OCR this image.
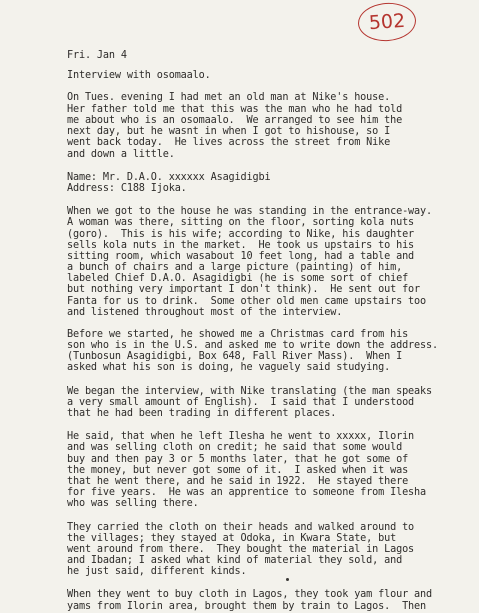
502
Fri. Jan 4
Interview with osomaalo.
On Tues. evening I had met an old man at Nike's house.
Her father told me that this was the man who he had told
me about who is an osomaalo.  We arranged to see him the
next day, but he wasnt in when I got to hishouse, so I
went back today.  He lives across the street from Nike
and down a little.
Name: Mr. D.A.O. xxxxxx Asagidigbi
Address: C188 Ijoka.
When we got to the house he was standing in the entrance-way.
A woman was there, sitting on the floor, sorting kola nuts
(goro).  This is his wife; according to Nike, his daughter
sells kola nuts in the market.  He took us upstairs to his
sitting room, which wasabout 10 feet long, had a table and
a bunch of chairs and a large picture (painting) of him,
labeled Chief D.A.O. Asagidigbi (he is some sort of chief
but nothing very important I don't think).  He sent out for
Fanta for us to drink.  Some other old men came upstairs too
and listened throughout most of the interview.
Before we started, he showed me a Christmas card from his
son who is in the U.S. and asked me to write down the address.
(Tunbosun Asagidigbi, Box 648, Fall River Mass).  When I
asked what his son is doing, he vaguely said studying.
We began the interview, with Nike translating (the man speaks
a very small amount of English).  I said that I understood
that he had been trading in different places.
He said, that when he left Ilesha he went to xxxxx, Ilorin
and was selling cloth on credit; he said that some would
buy and then pay 3 or 5 months later, that he got some of
the money, but never got some of it.  I asked when it was
that he went there, and he said in 1922.  He stayed there
for five years.  He was an apprentice to someone from Ilesha
who was selling there.
They carried the cloth on their heads and walked around to
the villages; they stayed at Odoka, in Kwara State, but
went around from there.  They bought the material in Lagos
and Ibadan; I asked what kind of material they sold, and
he just said, different kinds.
When they went to buy cloth in Lagos, they took yam flour and
yams from Ilorin area, brought them by train to Lagos.  Then
